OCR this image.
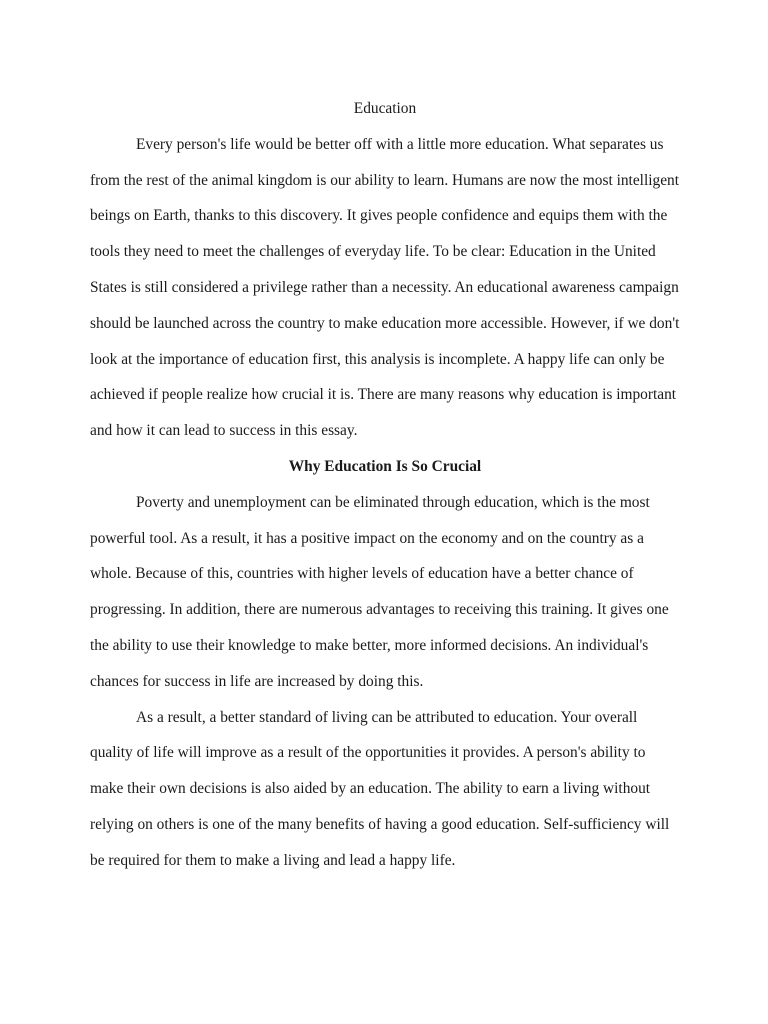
Education

Every person's life would be better off with a little more education. What separates us from the rest of the animal kingdom is our ability to learn. Humans are now the most intelligent beings on Earth, thanks to this discovery. It gives people confidence and equips them with the tools they need to meet the challenges of everyday life. To be clear: Education in the United States is still considered a privilege rather than a necessity. An educational awareness campaign should be launched across the country to make education more accessible. However, if we don't look at the importance of education first, this analysis is incomplete. A happy life can only be achieved if people realize how crucial it is. There are many reasons why education is important and how it can lead to success in this essay.

Why Education Is So Crucial

Poverty and unemployment can be eliminated through education, which is the most powerful tool. As a result, it has a positive impact on the economy and on the country as a whole. Because of this, countries with higher levels of education have a better chance of progressing. In addition, there are numerous advantages to receiving this training. It gives one the ability to use their knowledge to make better, more informed decisions. An individual's chances for success in life are increased by doing this.

As a result, a better standard of living can be attributed to education. Your overall quality of life will improve as a result of the opportunities it provides. A person's ability to make their own decisions is also aided by an education. The ability to earn a living without relying on others is one of the many benefits of having a good education. Self-sufficiency will be required for them to make a living and lead a happy life.
